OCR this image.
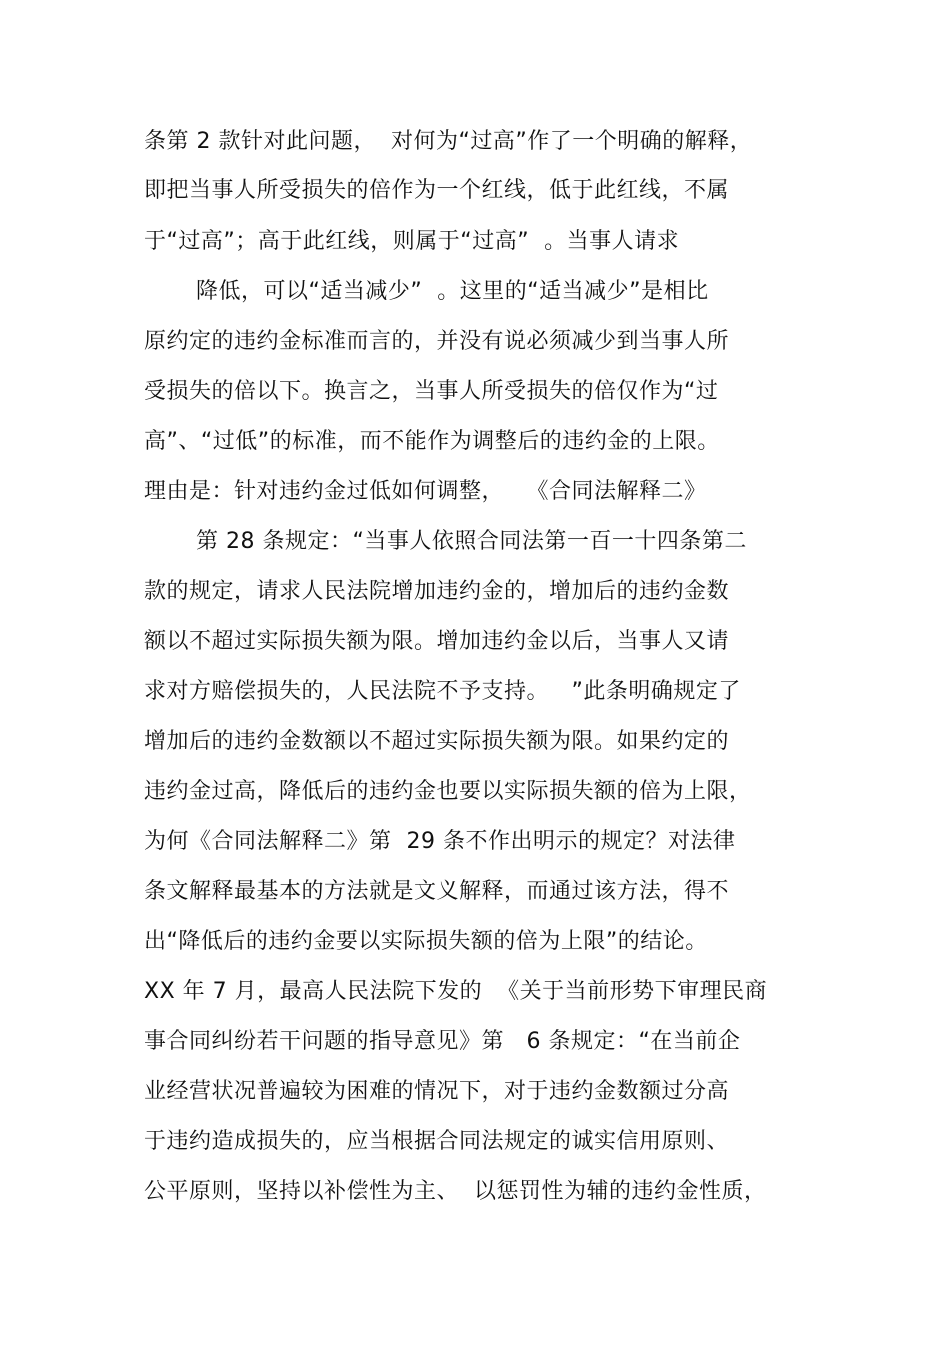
条第 2 款针对此问题，  对何为“过高”作了一个明确的解释，
即把当事人所受损失的倍作为一个红线，低于此红线，不属
于“过高”；高于此红线，则属于“过高”  。当事人请求
降低，可以“适当减少”  。这里的“适当减少”是相比
原约定的违约金标准而言的，并没有说必须减少到当事人所
受损失的倍以下。换言之，当事人所受损失的倍仅作为“过
高”、“过低”的标准，而不能作为调整后的违约金的上限。
理由是：针对违约金过低如何调整，   《合同法解释二》
第 28 条规定：“当事人依照合同法第一百一十四条第二
款的规定，请求人民法院增加违约金的，增加后的违约金数
额以不超过实际损失额为限。增加违约金以后，当事人又请
求对方赔偿损失的，人民法院不予支持。   ”此条明确规定了
增加后的违约金数额以不超过实际损失额为限。如果约定的
违约金过高，降低后的违约金也要以实际损失额的倍为上限，
为何《合同法解释二》第  29 条不作出明示的规定？对法律
条文解释最基本的方法就是文义解释，而通过该方法，得不
出“降低后的违约金要以实际损失额的倍为上限”的结论。
XX 年 7 月，最高人民法院下发的  《关于当前形势下审理民商
事合同纠纷若干问题的指导意见》第   6 条规定：“在当前企
业经营状况普遍较为困难的情况下，对于违约金数额过分高
于违约造成损失的，应当根据合同法规定的诚实信用原则、
公平原则，坚持以补偿性为主、  以惩罚性为辅的违约金性质，
